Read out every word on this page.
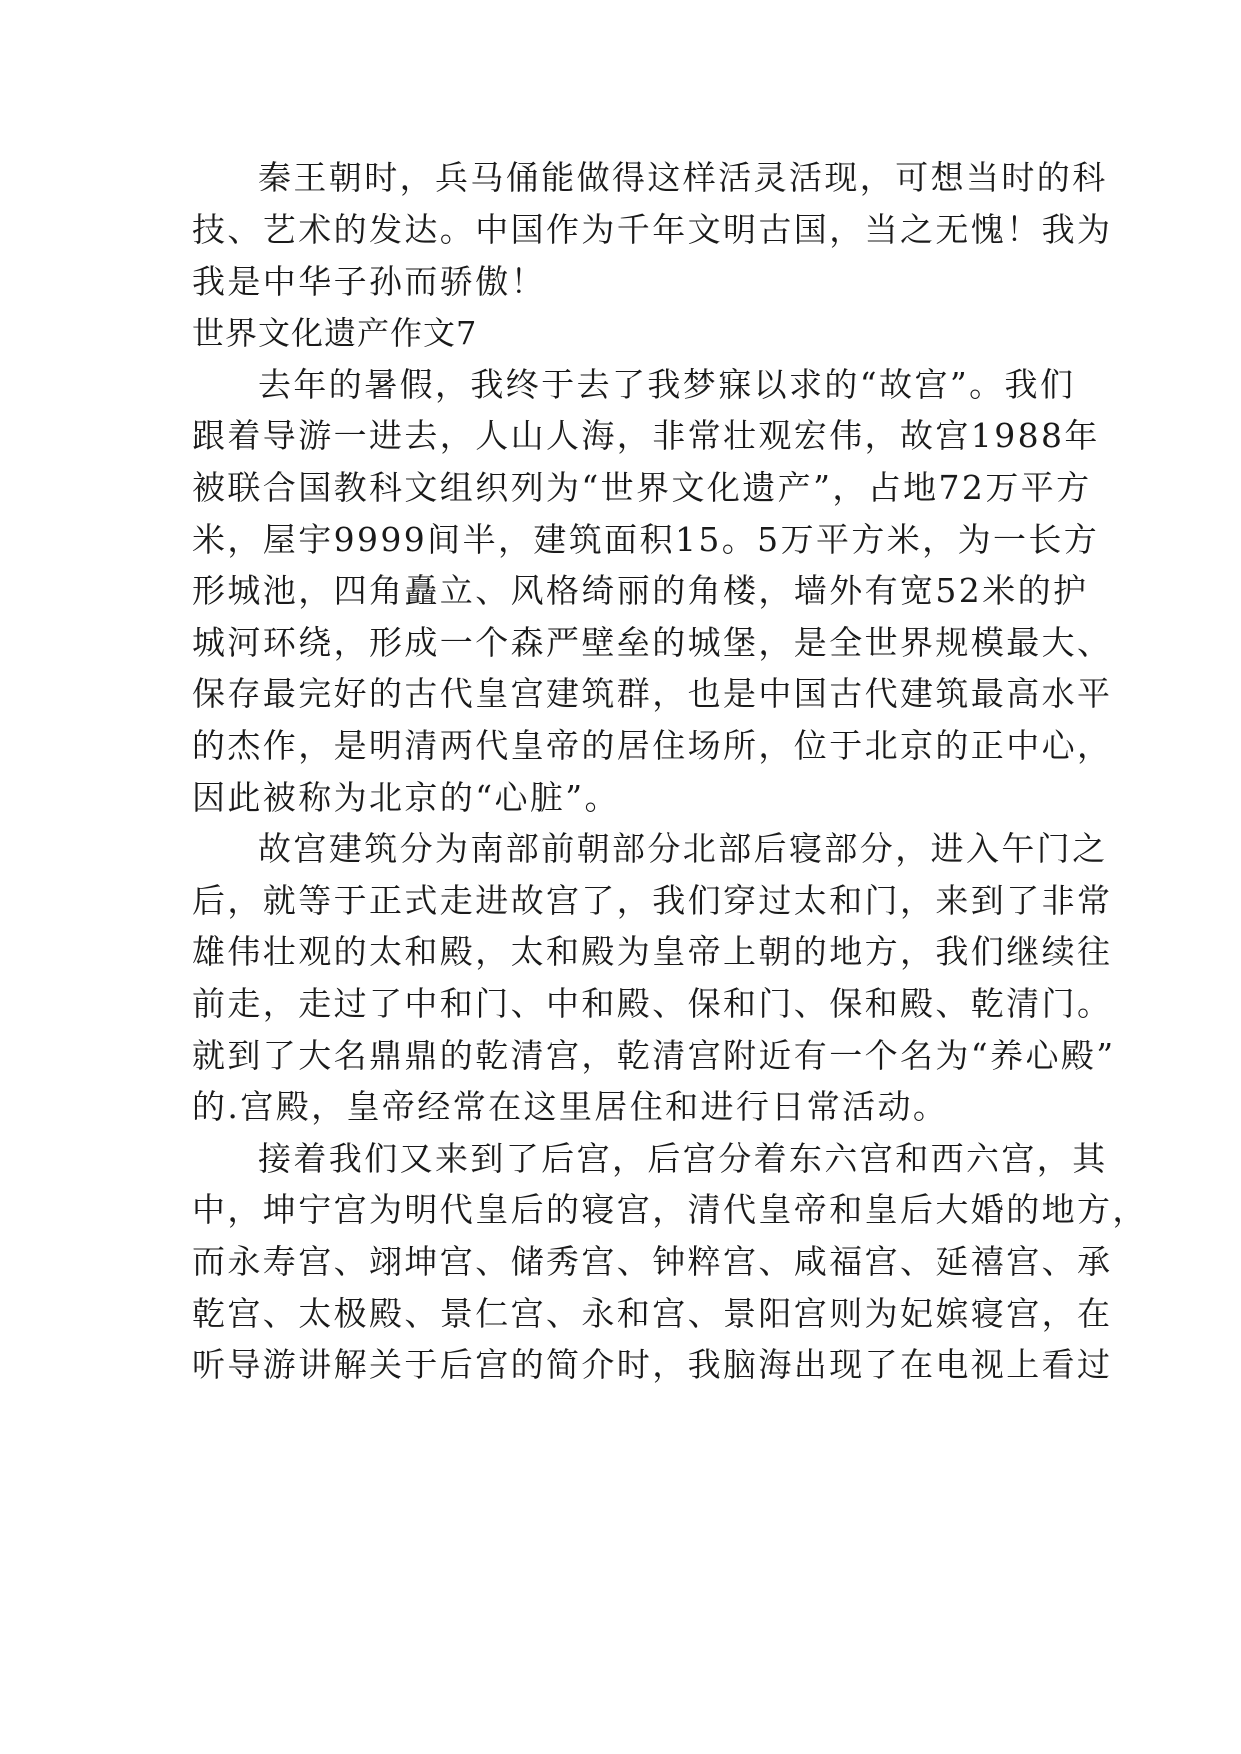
秦王朝时，兵马俑能做得这样活灵活现，可想当时的科
技、艺术的发达。中国作为千年文明古国，当之无愧！我为
我是中华子孙而骄傲！
世界文化遗产作文7
去年的暑假，我终于去了我梦寐以求的“故宫”。我们
跟着导游一进去，人山人海，非常壮观宏伟，故宫1988年
被联合国教科文组织列为“世界文化遗产”，占地72万平方
米，屋宇9999间半，建筑面积15。5万平方米，为一长方
形城池，四角矗立、风格绮丽的角楼，墙外有宽52米的护
城河环绕，形成一个森严壁垒的城堡，是全世界规模最大、
保存最完好的古代皇宫建筑群，也是中国古代建筑最高水平
的杰作，是明清两代皇帝的居住场所，位于北京的正中心，
因此被称为北京的“心脏”。
故宫建筑分为南部前朝部分北部后寝部分，进入午门之
后，就等于正式走进故宫了，我们穿过太和门，来到了非常
雄伟壮观的太和殿，太和殿为皇帝上朝的地方，我们继续往
前走，走过了中和门、中和殿、保和门、保和殿、乾清门。
就到了大名鼎鼎的乾清宫，乾清宫附近有一个名为“养心殿”
的.宫殿，皇帝经常在这里居住和进行日常活动。
接着我们又来到了后宫，后宫分着东六宫和西六宫，其
中，坤宁宫为明代皇后的寝宫，清代皇帝和皇后大婚的地方，
而永寿宫、翊坤宫、储秀宫、钟粹宫、咸福宫、延禧宫、承
乾宫、太极殿、景仁宫、永和宫、景阳宫则为妃嫔寝宫，在
听导游讲解关于后宫的简介时，我脑海出现了在电视上看过
